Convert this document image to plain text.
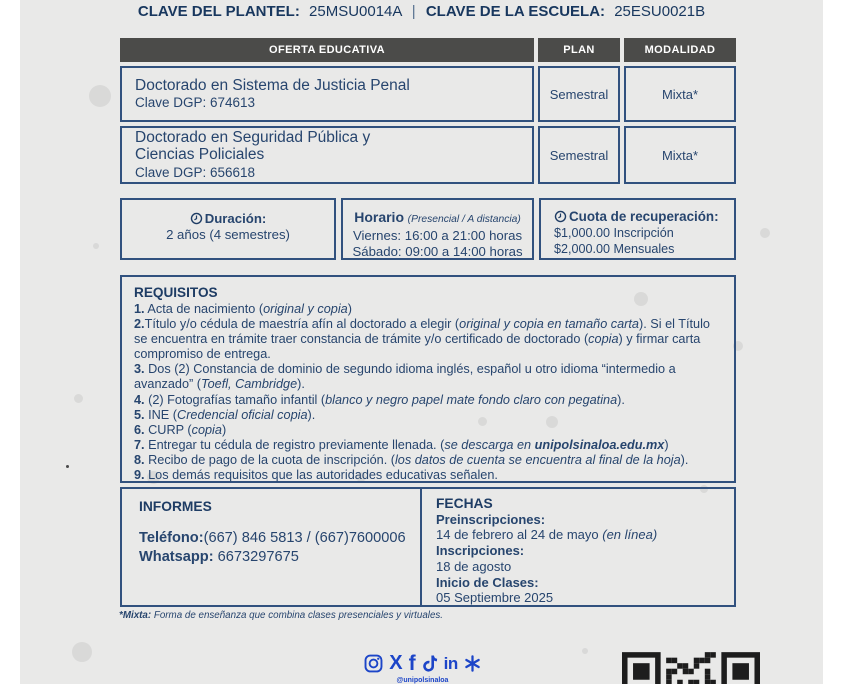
CLAVE DEL PLANTEL: 25MSU0014A | CLAVE DE LA ESCUELA: 25ESU0021B
OFERTA EDUCATIVA	PLAN	MODALIDAD
Doctorado en Sistema de Justicia Penal
Clave DGP: 674613
Semestral	Mixta*
Doctorado en Seguridad Pública y
Ciencias Policiales
Clave DGP: 656618
Semestral	Mixta*
Duración:
2 años (4 semestres)
Horario (Presencial / A distancia)
Viernes: 16:00 a 21:00 horas
Sábado: 09:00 a 14:00 horas
Cuota de recuperación:
$1,000.00 Inscripción
$2,000.00 Mensuales
REQUISITOS
1. Acta de nacimiento (original y copia)
2.Título y/o cédula de maestría afín al doctorado a elegir (original y copia en tamaño carta). Si el Título se encuentra en trámite traer constancia de trámite y/o certificado de doctorado (copia) y firmar carta compromiso de entrega.
3. Dos (2) Constancia de dominio de segundo idioma inglés, español u otro idioma “intermedio a avanzado” (Toefl, Cambridge).
4. (2) Fotografías tamaño infantil (blanco y negro papel mate fondo claro con pegatina).
5. INE (Credencial oficial copia).
6. CURP (copia)
7. Entregar tu cédula de registro previamente llenada. (se descarga en unipolsinaloa.edu.mx)
8. Recibo de pago de la cuota de inscripción. (los datos de cuenta se encuentra al final de la hoja).
9. Los demás requisitos que las autoridades educativas señalen.
INFORMES
Teléfono:(667) 846 5813 / (667)7600006
Whatsapp: 6673297675
FECHAS
Preinscripciones:
14 de febrero al 24 de mayo (en línea)
Inscripciones:
18 de agosto
Inicio de Clases:
05 Septiembre 2025
*Mixta: Forma de enseñanza que combina clases presenciales y virtuales.
X f in
@unipolsinaloa
